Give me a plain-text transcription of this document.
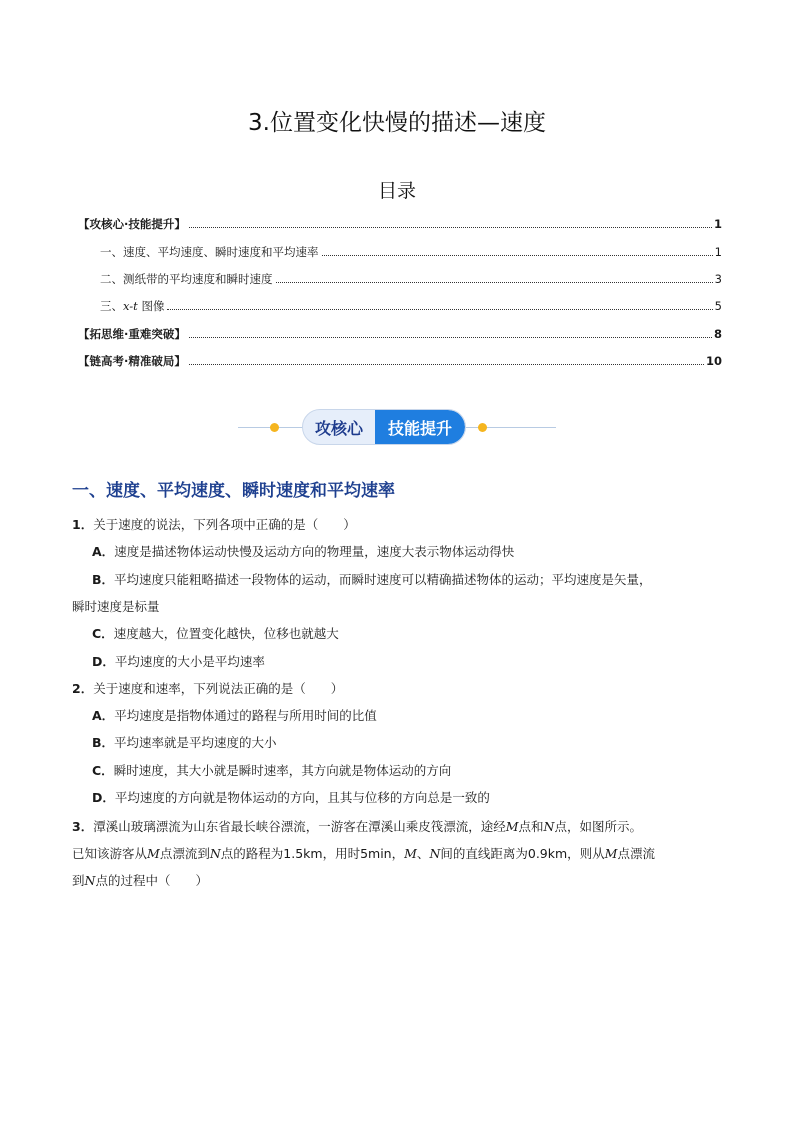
3.位置变化快慢的描述—速度
目录
【攻核心·技能提升】	1
一、速度、平均速度、瞬时速度和平均速率	1
二、测纸带的平均速度和瞬时速度	3
三、x-t 图像	5
【拓思维·重难突破】	8
【链高考·精准破局】	10
攻核心	技能提升
一、速度、平均速度、瞬时速度和平均速率
1．关于速度的说法，下列各项中正确的是（　　）
A．速度是描述物体运动快慢及运动方向的物理量，速度大表示物体运动得快
B．平均速度只能粗略描述一段物体的运动，而瞬时速度可以精确描述物体的运动；平均速度是矢量，
瞬时速度是标量
C．速度越大，位置变化越快，位移也就越大
D．平均速度的大小是平均速率
2．关于速度和速率，下列说法正确的是（　　）
A．平均速度是指物体通过的路程与所用时间的比值
B．平均速率就是平均速度的大小
C．瞬时速度，其大小就是瞬时速率，其方向就是物体运动的方向
D．平均速度的方向就是物体运动的方向，且其与位移的方向总是一致的
3．潭溪山玻璃漂流为山东省最长峡谷漂流，一游客在潭溪山乘皮筏漂流，途经M点和N点，如图所示。
已知该游客从M点漂流到N点的路程为1.5km，用时5min，M、N间的直线距离为0.9km，则从M点漂流
到N点的过程中（　　）
